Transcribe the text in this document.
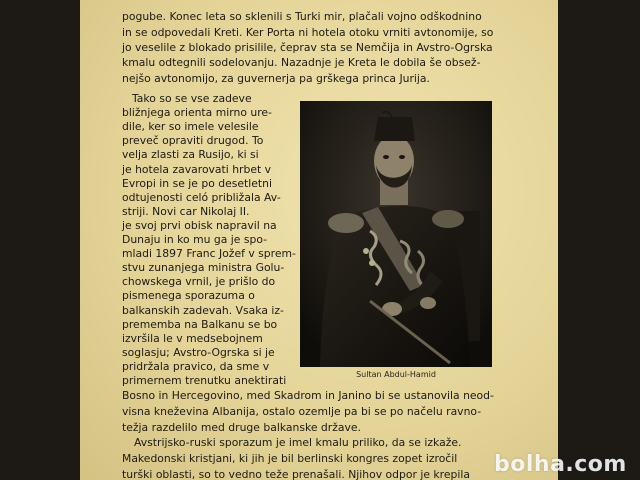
pogube. Konec leta so sklenili s Turki mir, plačali vojno odškodnino
in se odpovedali Kreti. Ker Porta ni hotela otoku vrniti avtonomije, so
jo veselile z blokado prisilile, čeprav sta se Nemčija in Avstro-Ogrska
kmalu odtegnili sodelovanju. Nazadnje je Kreta le dobila še obsež-
nejšo avtonomijo, za guvernerja pa grškega princa Jurija.
Tako so se vse zadeve
bližnjega orienta mirno ure-
dile, ker so imele velesile
preveč opraviti drugod. To
velja zlasti za Rusijo, ki si
je hotela zavarovati hrbet v
Evropi in se je po desetletni
odtujenosti celó približala Av-
striji. Novi car Nikolaj II.
je svoj prvi obisk napravil na
Dunaju in ko mu ga je spo-
mladi 1897 Franc Jožef v sprem-
stvu zunanjega ministra Golu-
chowskega vrnil, je prišlo do
pismenega sporazuma o
balkanskih zadevah. Vsaka iz-
prememba na Balkanu se bo
izvršila le v medsebojnem
soglasju; Avstro-Ogrska si je
pridržala pravico, da sme v
primernem trenutku anektirati	Sultan Abdul-Hamid
Bosno in Hercegovino, med Skadrom in Janino bi se ustanovila neod-
visna kneževina Albanija, ostalo ozemlje pa bi se po načelu ravno-
težja razdelilo med druge balkanske države.
Avstrijsko-ruski sporazum je imel kmalu priliko, da se izkaže.
Makedonski kristjani, ki jih je bil berlinski kongres zopet izročil
turški oblasti, so to vedno teže prenašali. Njihov odpor je krepila	bolha.com
